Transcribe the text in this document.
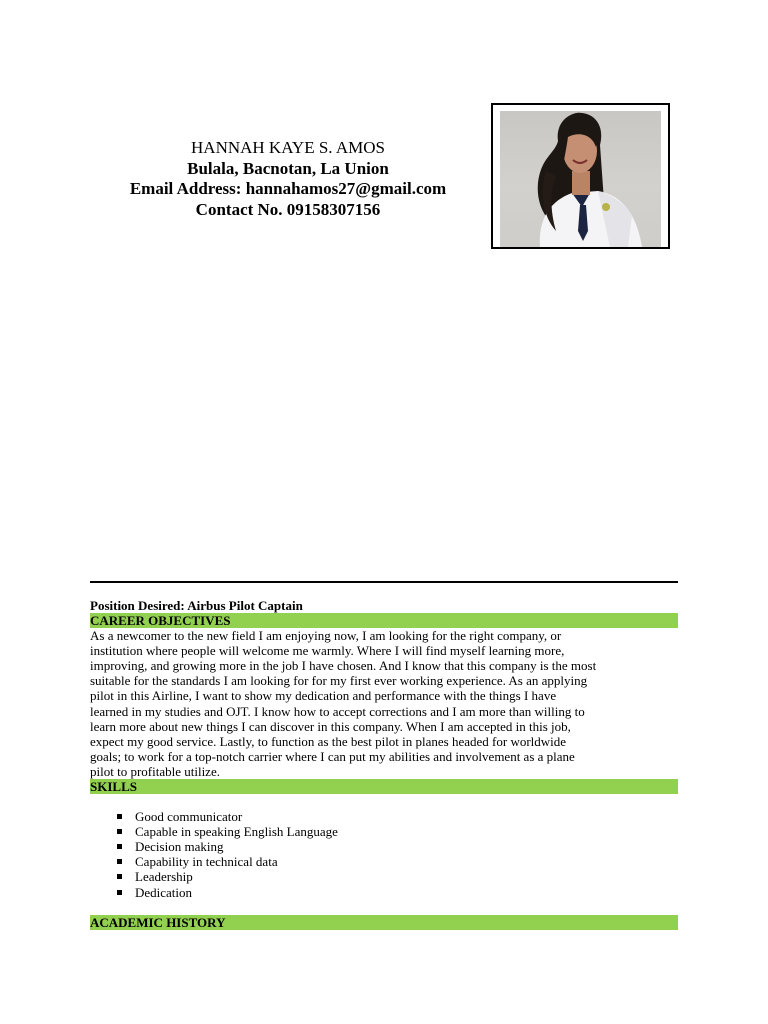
HANNAH KAYE S. AMOS
Bulala, Bacnotan, La Union
Email Address: hannahamos27@gmail.com
Contact No. 09158307156
Position Desired: Airbus Pilot Captain
CAREER OBJECTIVES
As a newcomer to the new field I am enjoying now, I am looking for the right company, or
institution where people will welcome me warmly. Where I will find myself learning more,
improving, and growing more in the job I have chosen. And I know that this company is the most
suitable for the standards I am looking for for my first ever working experience. As an applying
pilot in this Airline, I want to show my dedication and performance with the things I have
learned in my studies and OJT. I know how to accept corrections and I am more than willing to
learn more about new things I can discover in this company. When I am accepted in this job,
expect my good service. Lastly, to function as the best pilot in planes headed for worldwide
goals; to work for a top-notch carrier where I can put my abilities and involvement as a plane
pilot to profitable utilize.
SKILLS
Good communicator
Capable in speaking English Language
Decision making
Capability in technical data
Leadership
Dedication
ACADEMIC HISTORY
